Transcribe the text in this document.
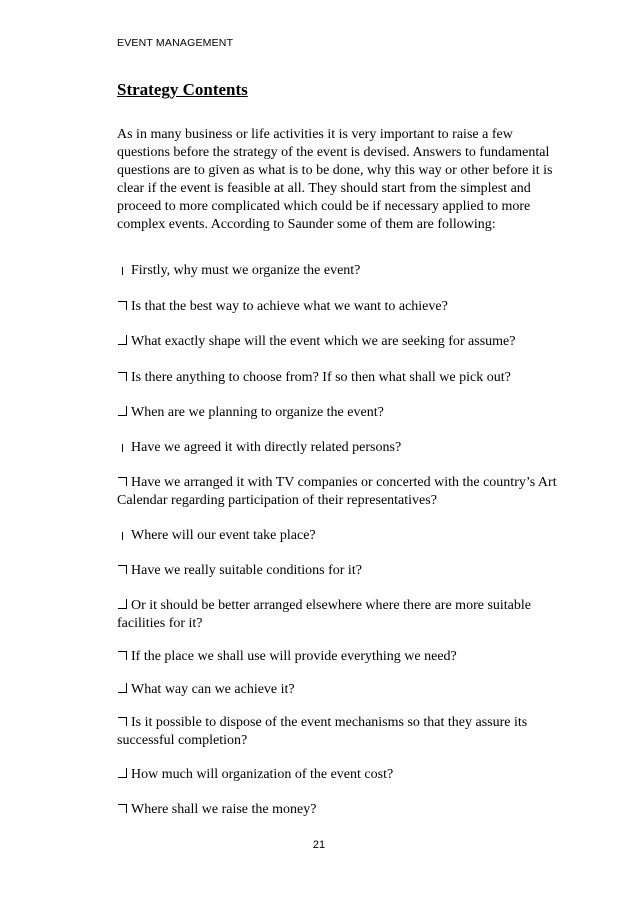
EVENT MANAGEMENT
Strategy Contents
As in many business or life activities it is very important to raise a few questions before the strategy of the event is devised. Answers to fundamental questions are to given as what is to be done, why this way or other before it is clear if the event is feasible at all. They should start from the simplest and proceed to more complicated which could be if necessary applied to more complex events. According to Saunder some of them are following:
Firstly, why must we organize the event?
Is that the best way to achieve what we want to achieve?
What exactly shape will the event which we are seeking for assume?
Is there anything to choose from? If so then what shall we pick out?
When are we planning to organize the event?
Have we agreed it with directly related persons?
Have we arranged it with TV companies or concerted with the country’s Art Calendar regarding participation of their representatives?
Where will our event take place?
Have we really suitable conditions for it?
Or it should be better arranged elsewhere where there are more suitable facilities for it?
If the place we shall use will provide everything we need?
What way can we achieve it?
Is it possible to dispose of the event mechanisms so that they assure its successful completion?
How much will organization of the event cost?
Where shall we raise the money?
21
